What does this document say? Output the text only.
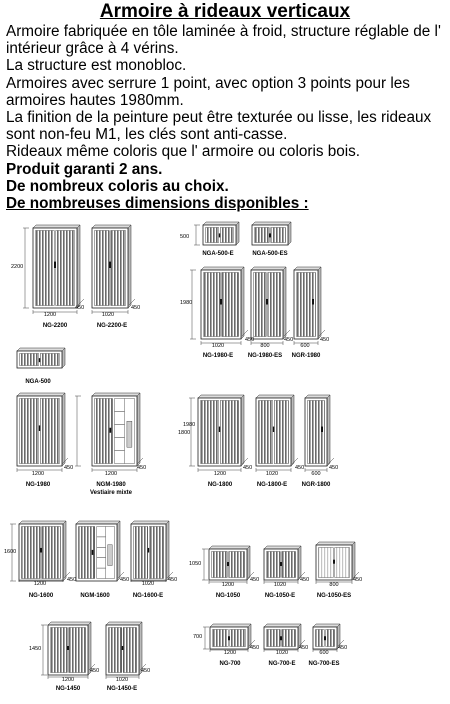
Armoire à rideaux verticaux

Armoire fabriquée en tôle laminée à froid, structure réglable de l' intérieur grâce à 4 vérins.

La structure est monobloc.

Armoires avec serrure 1 point, avec option 3 points pour les armoires hautes 1980mm.

La finition de la peinture peut être texturée ou lisse, les rideaux sont non-feu M1, les clés sont anti-casse.

Rideaux même coloris que l' armoire ou coloris bois.

Produit garanti 2 ans.

De nombreux coloris au choix.

De nombreuses dimensions disponibles :

NG-2200	NG-2200-E
NGA-500-E	NGA-500-ES
NG-1980-E NG-1980-ES NGR-1980
NGA-500
NG-1980	NGM-1980
Vestiaire mixte
NG-1800	NG-1800-E NGR-1800
NG-1600	NGM-1600	NG-1600-E	NG-1050	NG-1050-E	NG-1050-ES
NG-1450	NG-1450-E
NG-700	NG-700-E NG-700-ES
2200
500
1980
1980
1800
1600
1050
1450
700
1200	1020
1020	800	600
1200	1200	1200	1020	600
1200	1020	1200	1020	800
1200	1020
1200	1020	600
450	450
450	450	450
450	450	450	450	450
450	450	450	450	450	450
450	450
450	450	450
